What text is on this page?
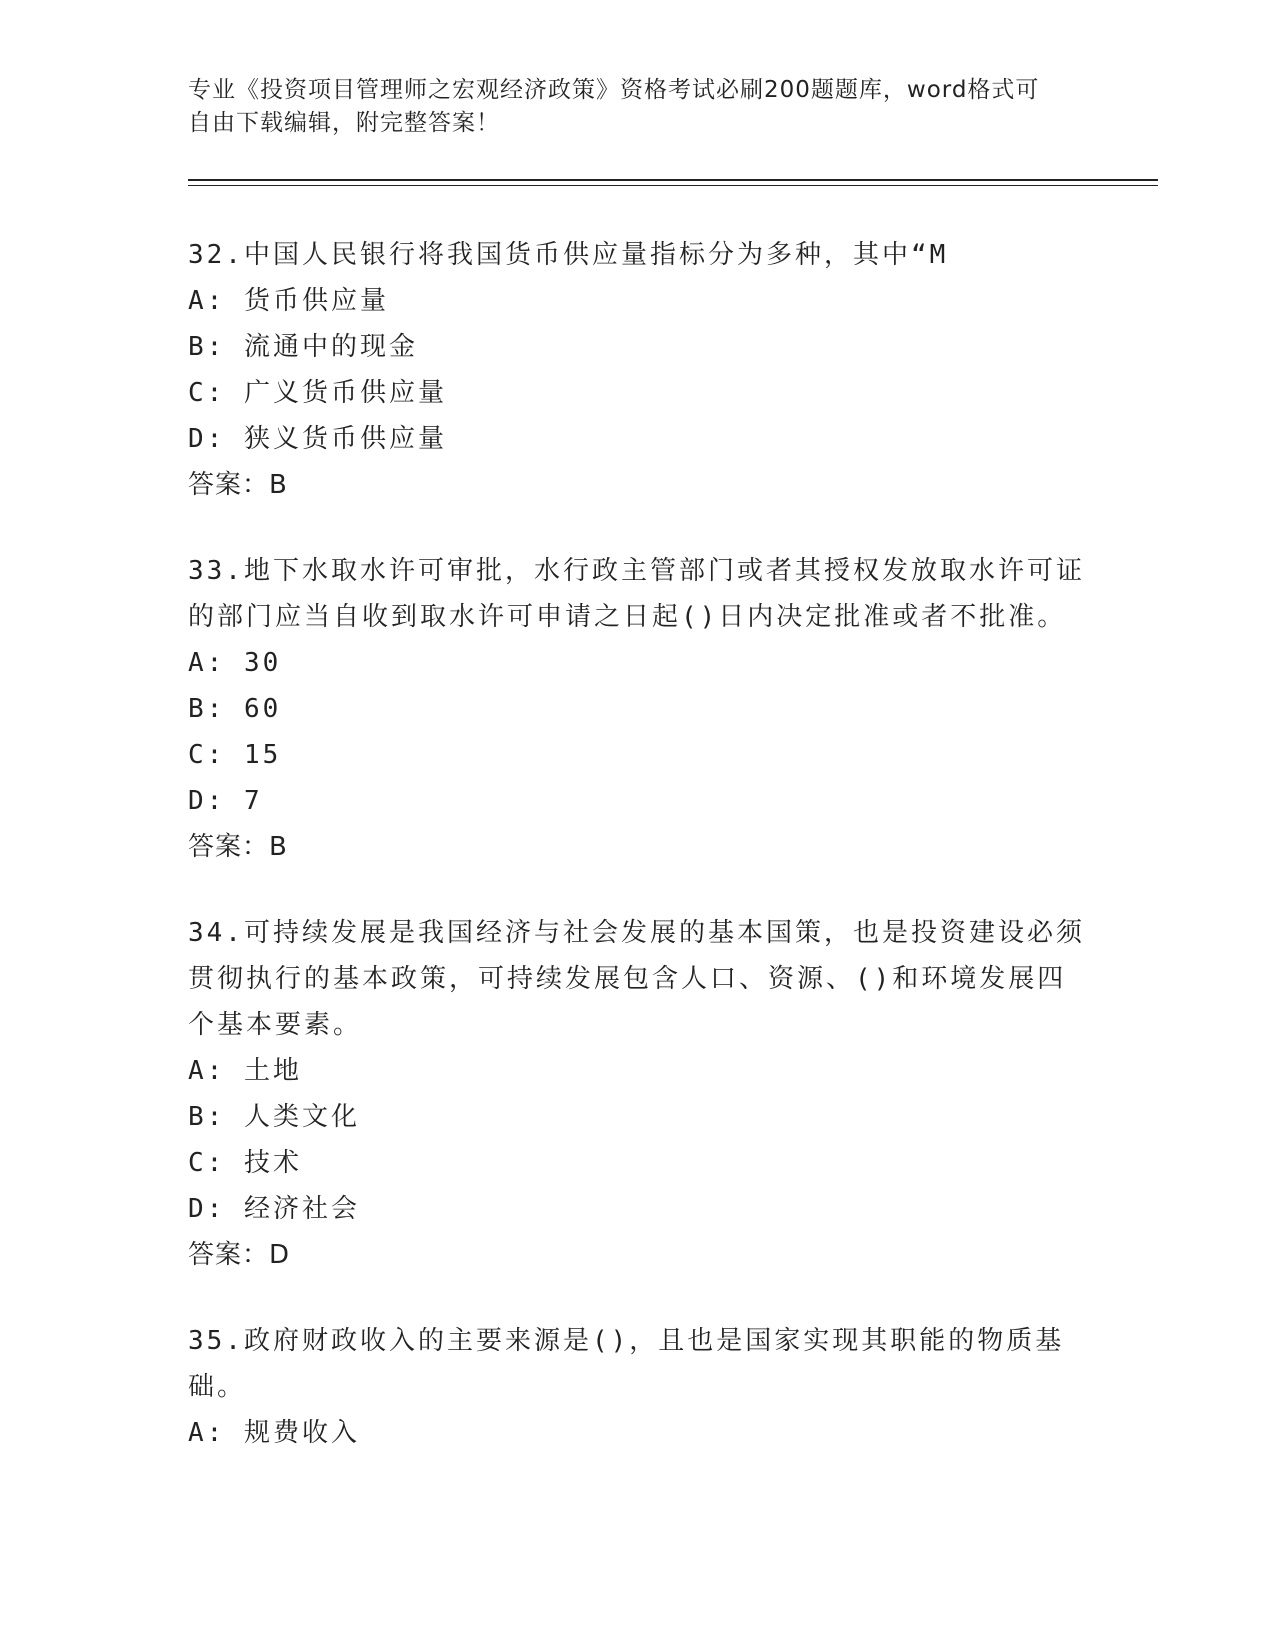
专业《投资项目管理师之宏观经济政策》资格考试必刷200题题库，word格式可
自由下载编辑，附完整答案！
32.中国人民银行将我国货币供应量指标分为多种，其中“M
A: 货币供应量
B: 流通中的现金
C: 广义货币供应量
D: 狭义货币供应量
答案：B
33.地下水取水许可审批，水行政主管部门或者其授权发放取水许可证的部门应当自收到取水许可申请之日起()日内决定批准或者不批准。
A: 30
B: 60
C: 15
D: 7
答案：B
34.可持续发展是我国经济与社会发展的基本国策，也是投资建设必须贯彻执行的基本政策，可持续发展包含人口、资源、()和环境发展四个基本要素。
A: 土地
B: 人类文化
C: 技术
D: 经济社会
答案：D
35.政府财政收入的主要来源是()，且也是国家实现其职能的物质基础。
A: 规费收入
